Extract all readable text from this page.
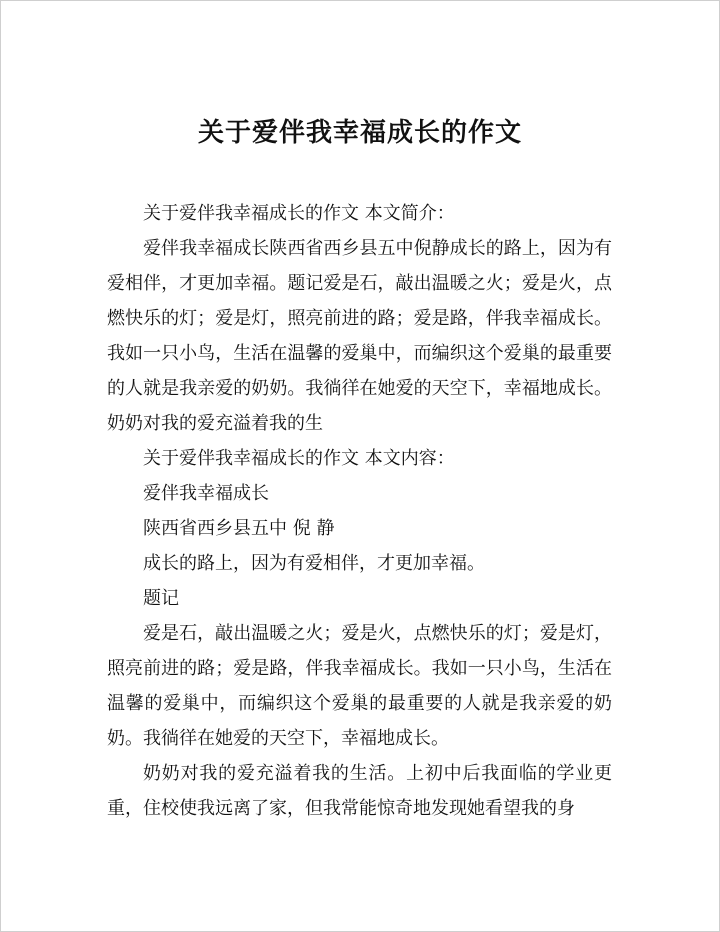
关于爱伴我幸福成长的作文

关于爱伴我幸福成长的作文 本文简介：

爱伴我幸福成长陕西省西乡县五中倪静成长的路上，因为有爱相伴，才更加幸福。题记爱是石，敲出温暖之火；爱是火，点燃快乐的灯；爱是灯，照亮前进的路；爱是路，伴我幸福成长。我如一只小鸟，生活在温馨的爱巢中，而编织这个爱巢的最重要的人就是我亲爱的奶奶。我徜徉在她爱的天空下，幸福地成长。奶奶对我的爱充溢着我的生

关于爱伴我幸福成长的作文 本文内容：

爱伴我幸福成长

陕西省西乡县五中 倪 静

成长的路上，因为有爱相伴，才更加幸福。

题记

爱是石，敲出温暖之火；爱是火，点燃快乐的灯；爱是灯，照亮前进的路；爱是路，伴我幸福成长。我如一只小鸟，生活在温馨的爱巢中，而编织这个爱巢的最重要的人就是我亲爱的奶奶。我徜徉在她爱的天空下，幸福地成长。

奶奶对我的爱充溢着我的生活。上初中后我面临的学业更重，住校使我远离了家，但我常能惊奇地发现她看望我的身
